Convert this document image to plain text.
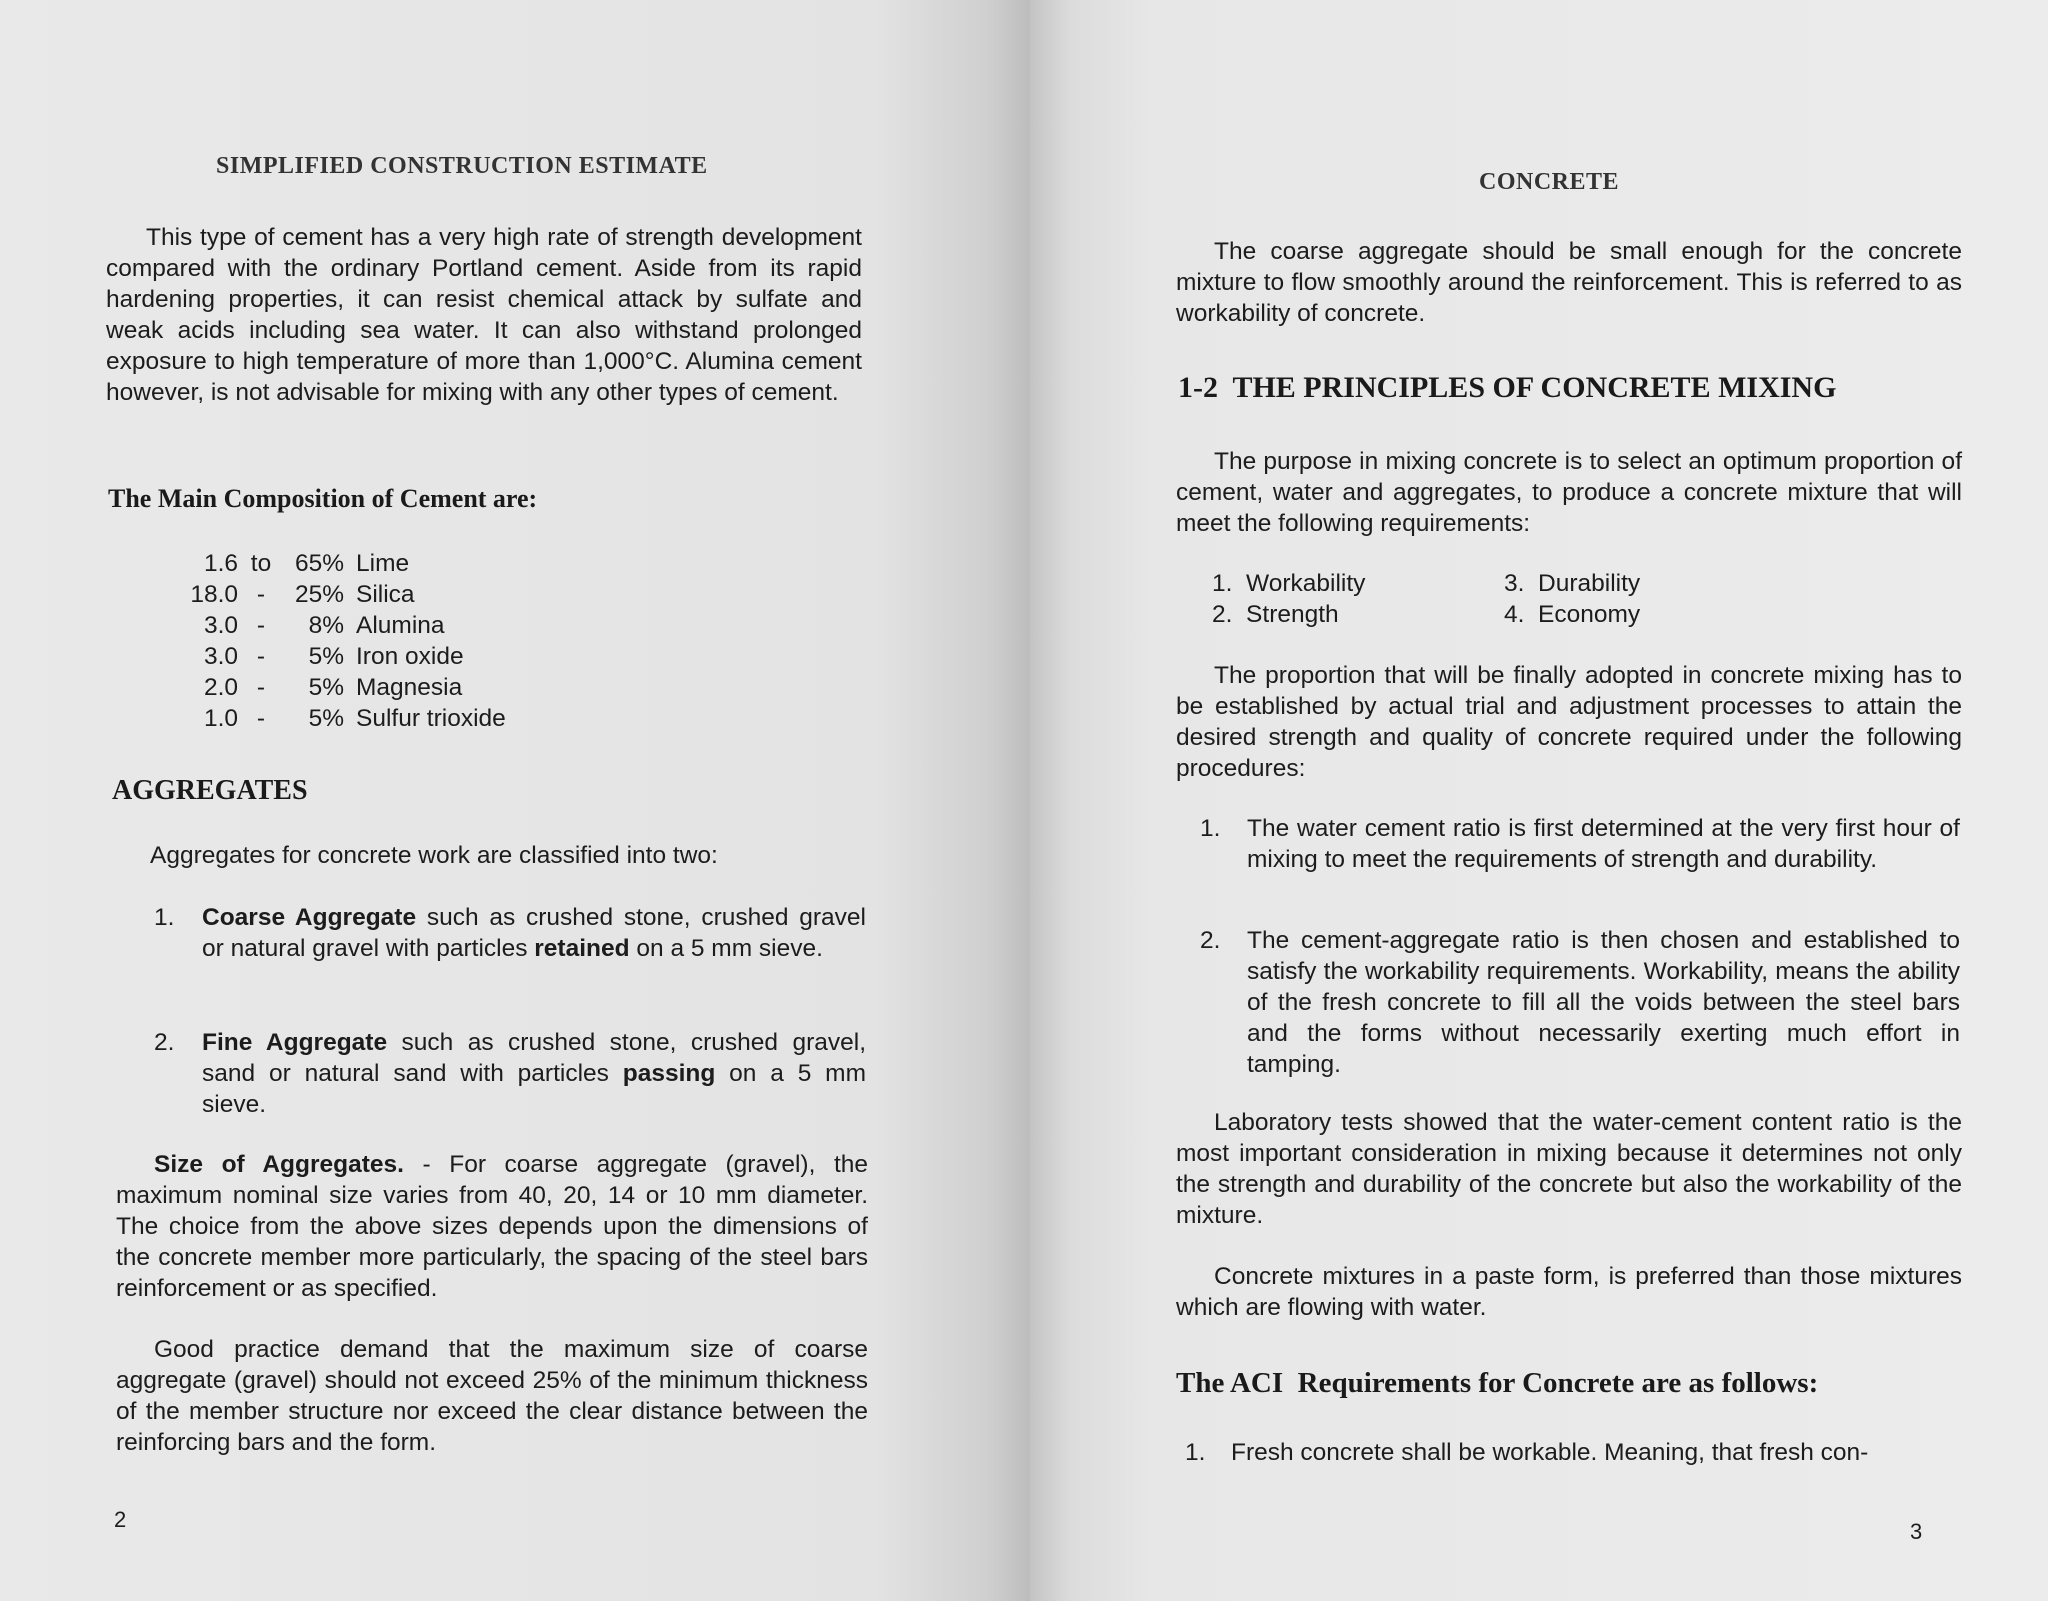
SIMPLIFIED CONSTRUCTION ESTIMATE
This type of cement has a very high rate of strength development compared with the ordinary Portland cement. Aside from its rapid hardening properties, it can resist chemical attack by sulfate and weak acids including sea water. It can also withstand prolonged exposure to high temperature of more than 1,000°C. Alumina cement however, is not advisable for mixing with any other types of cement.
The Main Composition of Cement are:
1.6	to	65%	Lime
18.0	-	25%	Silica
3.0	-	8%	Alumina
3.0	-	5%	Iron oxide
2.0	-	5%	Magnesia
1.0	-	5%	Sulfur trioxide
AGGREGATES
Aggregates for concrete work are classified into two:
1. Coarse Aggregate such as crushed stone, crushed gravel or natural gravel with particles retained on a 5 mm sieve.
2. Fine Aggregate such as crushed stone, crushed gravel, sand or natural sand with particles passing on a 5 mm sieve.
Size of Aggregates. - For coarse aggregate (gravel), the maximum nominal size varies from 40, 20, 14 or 10 mm diameter. The choice from the above sizes depends upon the dimensions of the concrete member more particularly, the spacing of the steel bars reinforcement or as specified.
Good practice demand that the maximum size of coarse aggregate (gravel) should not exceed 25% of the minimum thickness of the member structure nor exceed the clear distance between the reinforcing bars and the form.
2
CONCRETE
The coarse aggregate should be small enough for the concrete mixture to flow smoothly around the reinforcement. This is referred to as workability of concrete.
1-2  THE PRINCIPLES OF CONCRETE MIXING
The purpose in mixing concrete is to select an optimum proportion of cement, water and aggregates, to produce a concrete mixture that will meet the following requirements:
1.  Workability
2.  Strength
3.  Durability
4.  Economy
The proportion that will be finally adopted in concrete mixing has to be established by actual trial and adjustment processes to attain the desired strength and quality of concrete required under the following procedures:
1. The water cement ratio is first determined at the very first hour of mixing to meet the requirements of strength and durability.
2. The cement-aggregate ratio is then chosen and established to satisfy the workability requirements. Workability, means the ability of the fresh concrete to fill all the voids between the steel bars and the forms without necessarily exerting much effort in tamping.
Laboratory tests showed that the water-cement content ratio is the most important consideration in mixing because it determines not only the strength and durability of the concrete but also the workability of the mixture.
Concrete mixtures in a paste form, is preferred than those mixtures which are flowing with water.
The ACI  Requirements for Concrete are as follows:
1. Fresh concrete shall be workable. Meaning, that fresh con-
3
